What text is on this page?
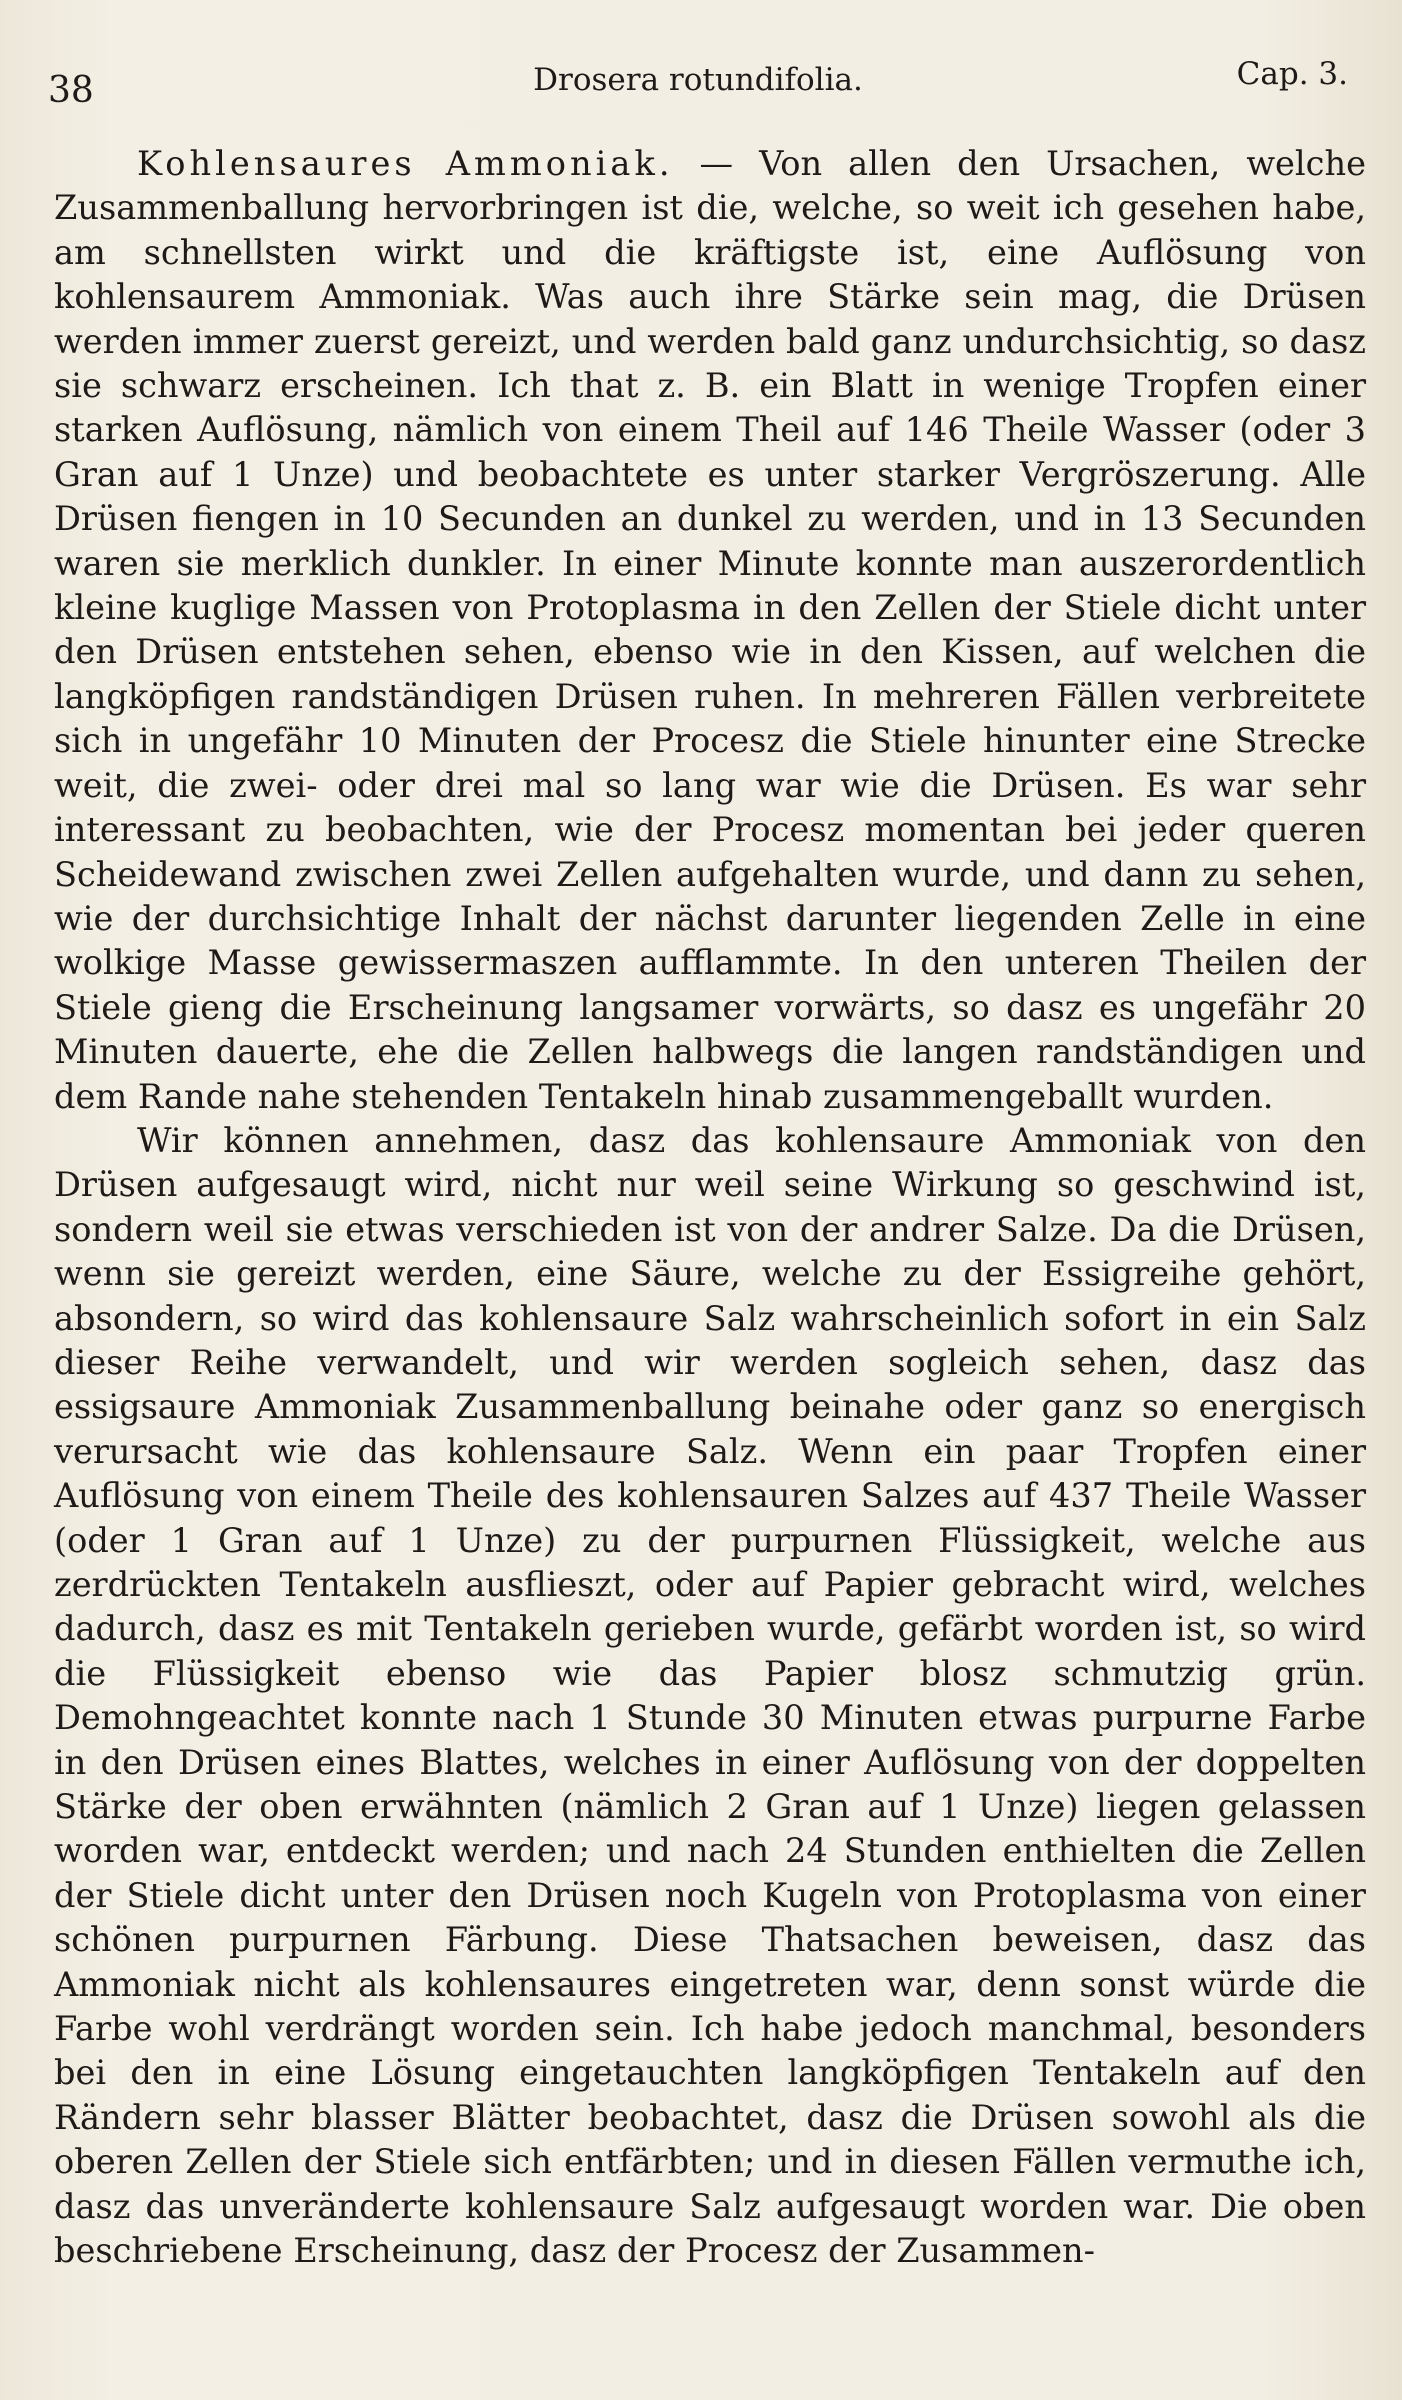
38	Drosera rotundifolia.	Cap. 3.

Kohlensaures Ammoniak. — Von allen den Ursachen, welche Zusammenballung hervorbringen ist die, welche, so weit ich gesehen habe, am schnellsten wirkt und die kräftigste ist, eine Auflösung von kohlensaurem Ammoniak. Was auch ihre Stärke sein mag, die Drüsen werden immer zuerst gereizt, und werden bald ganz undurchsichtig, so dasz sie schwarz erscheinen. Ich that z. B. ein Blatt in wenige Tropfen einer starken Auflösung, nämlich von einem Theil auf 146 Theile Wasser (oder 3 Gran auf 1 Unze) und beobachtete es unter starker Vergröszerung. Alle Drüsen fiengen in 10 Secunden an dunkel zu werden, und in 13 Secunden waren sie merklich dunkler. In einer Minute konnte man auszerordentlich kleine kuglige Massen von Protoplasma in den Zellen der Stiele dicht unter den Drüsen entstehen sehen, ebenso wie in den Kissen, auf welchen die langköpfigen randständigen Drüsen ruhen. In mehreren Fällen verbreitete sich in ungefähr 10 Minuten der Procesz die Stiele hinunter eine Strecke weit, die zwei- oder drei mal so lang war wie die Drüsen. Es war sehr interessant zu beobachten, wie der Procesz momentan bei jeder queren Scheidewand zwischen zwei Zellen aufgehalten wurde, und dann zu sehen, wie der durchsichtige Inhalt der nächst darunter liegenden Zelle in eine wolkige Masse gewissermaszen aufflammte. In den unteren Theilen der Stiele gieng die Erscheinung langsamer vorwärts, so dasz es ungefähr 20 Minuten dauerte, ehe die Zellen halbwegs die langen randständigen und dem Rande nahe stehenden Tentakeln hinab zusammengeballt wurden.

Wir können annehmen, dasz das kohlensaure Ammoniak von den Drüsen aufgesaugt wird, nicht nur weil seine Wirkung so geschwind ist, sondern weil sie etwas verschieden ist von der andrer Salze. Da die Drüsen, wenn sie gereizt werden, eine Säure, welche zu der Essigreihe gehört, absondern, so wird das kohlensaure Salz wahrscheinlich sofort in ein Salz dieser Reihe verwandelt, und wir werden sogleich sehen, dasz das essigsaure Ammoniak Zusammenballung beinahe oder ganz so energisch verursacht wie das kohlensaure Salz. Wenn ein paar Tropfen einer Auflösung von einem Theile des kohlensauren Salzes auf 437 Theile Wasser (oder 1 Gran auf 1 Unze) zu der purpurnen Flüssigkeit, welche aus zerdrückten Tentakeln ausflieszt, oder auf Papier gebracht wird, welches dadurch, dasz es mit Tentakeln gerieben wurde, gefärbt worden ist, so wird die Flüssigkeit ebenso wie das Papier blosz schmutzig grün. Demohngeachtet konnte nach 1 Stunde 30 Minuten etwas purpurne Farbe in den Drüsen eines Blattes, welches in einer Auflösung von der doppelten Stärke der oben erwähnten (nämlich 2 Gran auf 1 Unze) liegen gelassen worden war, entdeckt werden; und nach 24 Stunden enthielten die Zellen der Stiele dicht unter den Drüsen noch Kugeln von Protoplasma von einer schönen purpurnen Färbung. Diese Thatsachen beweisen, dasz das Ammoniak nicht als kohlensaures eingetreten war, denn sonst würde die Farbe wohl verdrängt worden sein. Ich habe jedoch manchmal, besonders bei den in eine Lösung eingetauchten langköpfigen Tentakeln auf den Rändern sehr blasser Blätter beobachtet, dasz die Drüsen sowohl als die oberen Zellen der Stiele sich entfärbten; und in diesen Fällen vermuthe ich, dasz das unveränderte kohlensaure Salz aufgesaugt worden war. Die oben beschriebene Erscheinung, dasz der Procesz der Zusammen-
